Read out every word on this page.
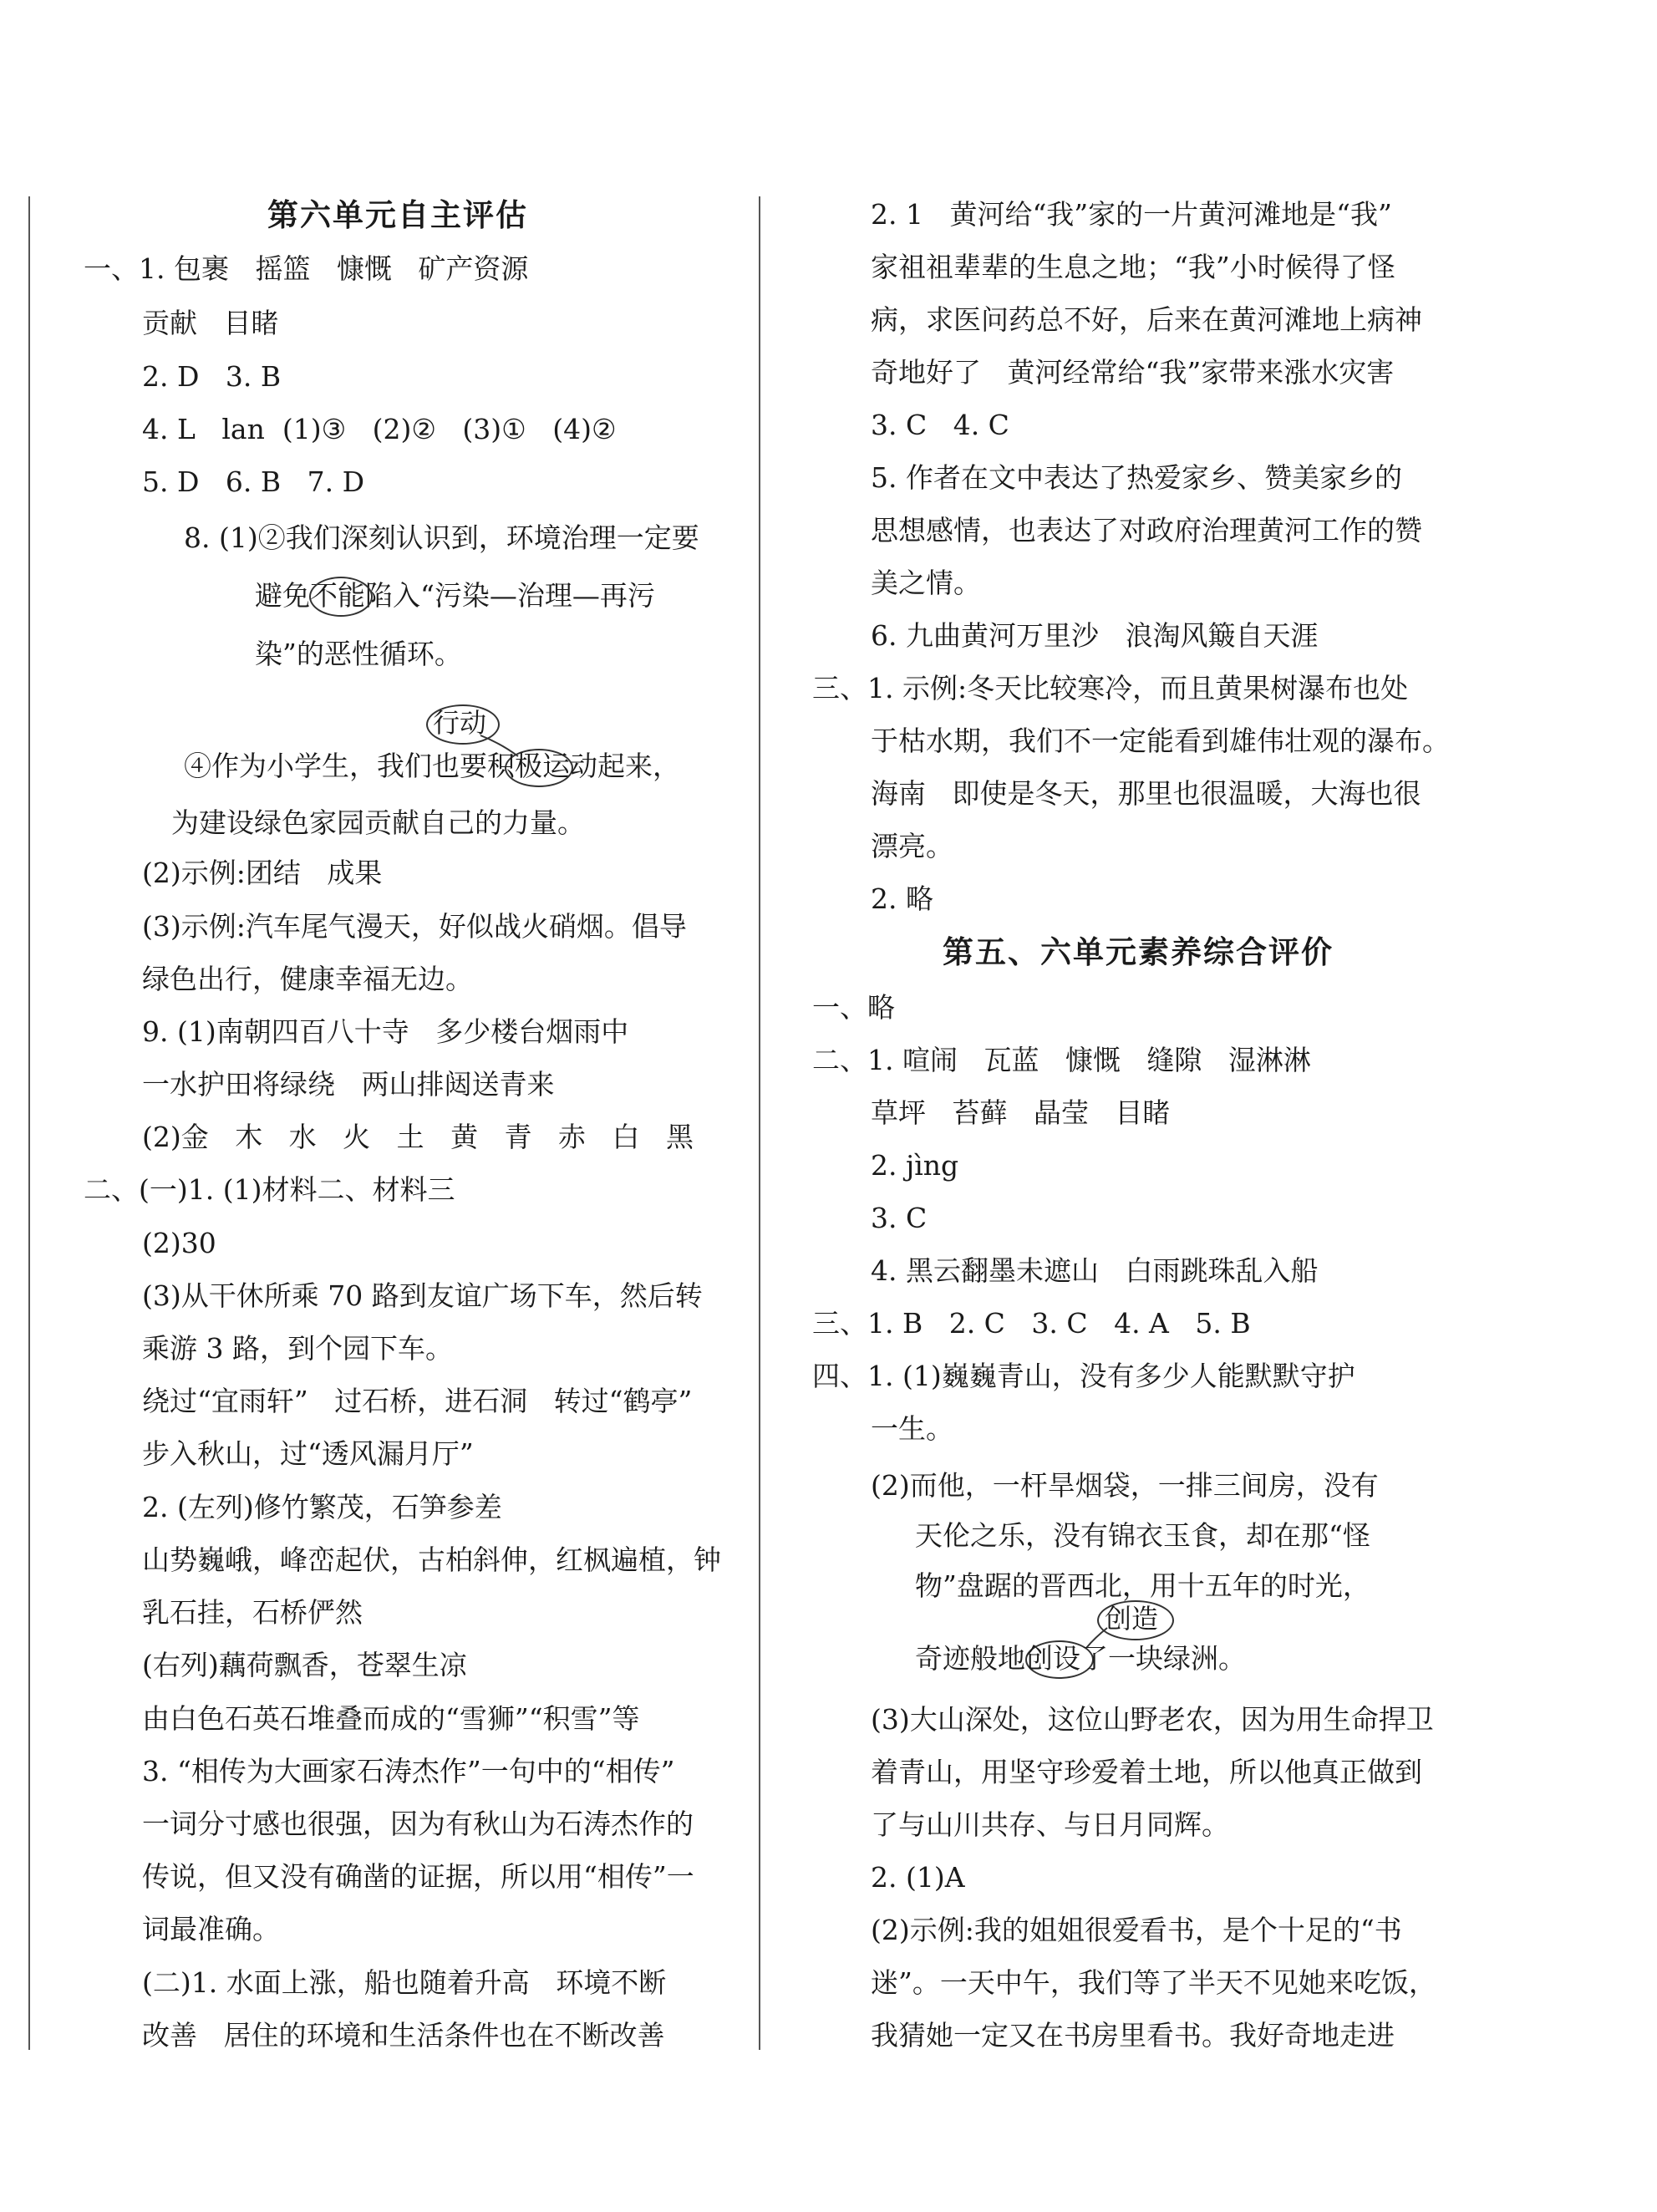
第六单元自主评估
一、1. 包裹   摇篮   慷慨   矿产资源
贡献   目睹
2. D   3. B
4. L   lan  (1)③   (2)②   (3)①   (4)②
5. D   6. B   7. D
8. (1)②我们深刻认识到，环境治理一定要
避免不能陷入“污染—治理—再污
染”的恶性循环。
行动
④作为小学生，我们也要积极运动起来，
为建设绿色家园贡献自己的力量。
(2)示例:团结   成果
(3)示例:汽车尾气漫天，好似战火硝烟。倡导
绿色出行，健康幸福无边。
9. (1)南朝四百八十寺   多少楼台烟雨中
一水护田将绿绕   两山排闼送青来
(2)金   木   水   火   土   黄   青   赤   白   黑
二、(一)1. (1)材料二、材料三
(2)30
(3)从干休所乘 70 路到友谊广场下车，然后转
乘游 3 路，到个园下车。
绕过“宜雨轩”   过石桥，进石洞   转过“鹤亭”
步入秋山，过“透风漏月厅”
2. (左列)修竹繁茂，石笋参差
山势巍峨，峰峦起伏，古柏斜伸，红枫遍植，钟
乳石挂，石桥俨然
(右列)藕荷飘香，苍翠生凉
由白色石英石堆叠而成的“雪狮”“积雪”等
3. “相传为大画家石涛杰作”一句中的“相传”
一词分寸感也很强，因为有秋山为石涛杰作的
传说，但又没有确凿的证据，所以用“相传”一
词最准确。
(二)1. 水面上涨，船也随着升高   环境不断
改善   居住的环境和生活条件也在不断改善
2. 1   黄河给“我”家的一片黄河滩地是“我”
家祖祖辈辈的生息之地；“我”小时候得了怪
病，求医问药总不好，后来在黄河滩地上病神
奇地好了   黄河经常给“我”家带来涨水灾害
3. C   4. C
5. 作者在文中表达了热爱家乡、赞美家乡的
思想感情，也表达了对政府治理黄河工作的赞
美之情。
6. 九曲黄河万里沙   浪淘风簸自天涯
三、1. 示例:冬天比较寒冷，而且黄果树瀑布也处
于枯水期，我们不一定能看到雄伟壮观的瀑布。
海南   即使是冬天，那里也很温暖，大海也很
漂亮。
2. 略
第五、六单元素养综合评价
一、略
二、1. 喧闹   瓦蓝   慷慨   缝隙   湿淋淋
草坪   苔藓   晶莹   目睹
2. jìng
3. C
4. 黑云翻墨未遮山   白雨跳珠乱入船
三、1. B   2. C   3. C   4. A   5. B
四、1. (1)巍巍青山，没有多少人能默默守护
一生。
(2)而他，一杆旱烟袋，一排三间房，没有
天伦之乐，没有锦衣玉食，却在那“怪
物”盘踞的晋西北，用十五年的时光，
创造
奇迹般地创设了一块绿洲。
(3)大山深处，这位山野老农，因为用生命捍卫
着青山，用坚守珍爱着土地，所以他真正做到
了与山川共存、与日月同辉。
2. (1)A
(2)示例:我的姐姐很爱看书，是个十足的“书
迷”。一天中午，我们等了半天不见她来吃饭，
我猜她一定又在书房里看书。我好奇地走进
